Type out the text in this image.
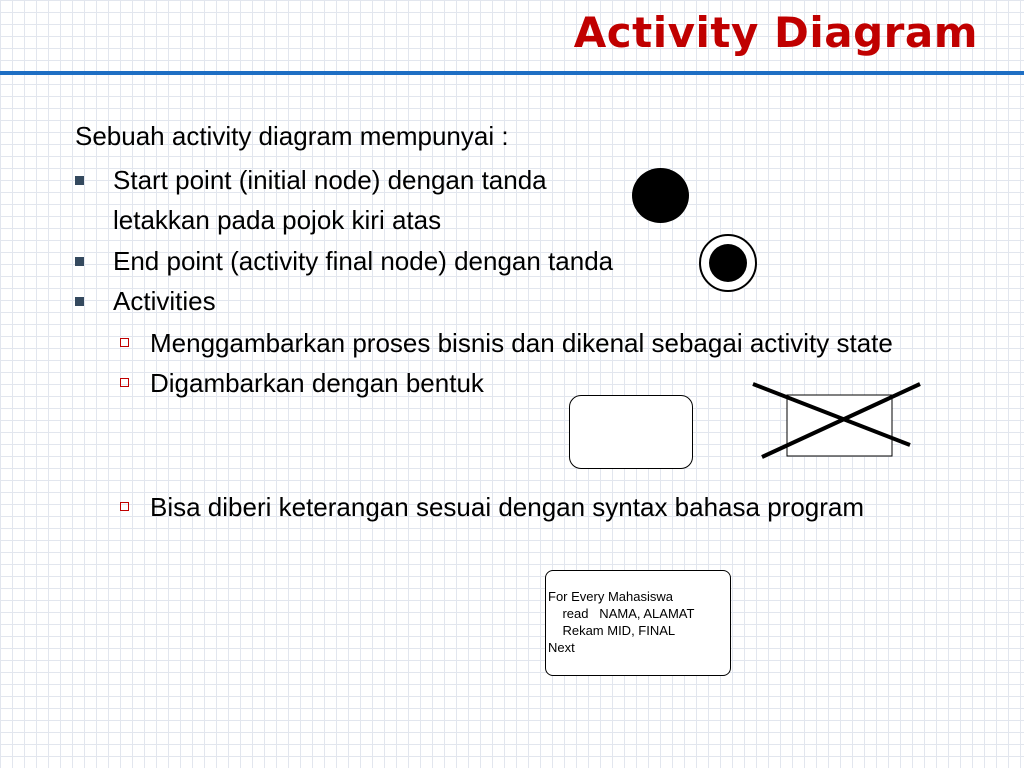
Activity Diagram
Sebuah activity diagram mempunyai :
Start point (initial node) dengan tanda
letakkan pada pojok kiri atas
End point (activity final node) dengan tanda
Activities
Menggambarkan proses bisnis dan dikenal sebagai activity state
Digambarkan dengan bentuk
Bisa diberi keterangan sesuai dengan syntax bahasa program
For Every Mahasiswa
read   NAMA, ALAMAT
Rekam MID, FINAL
Next
